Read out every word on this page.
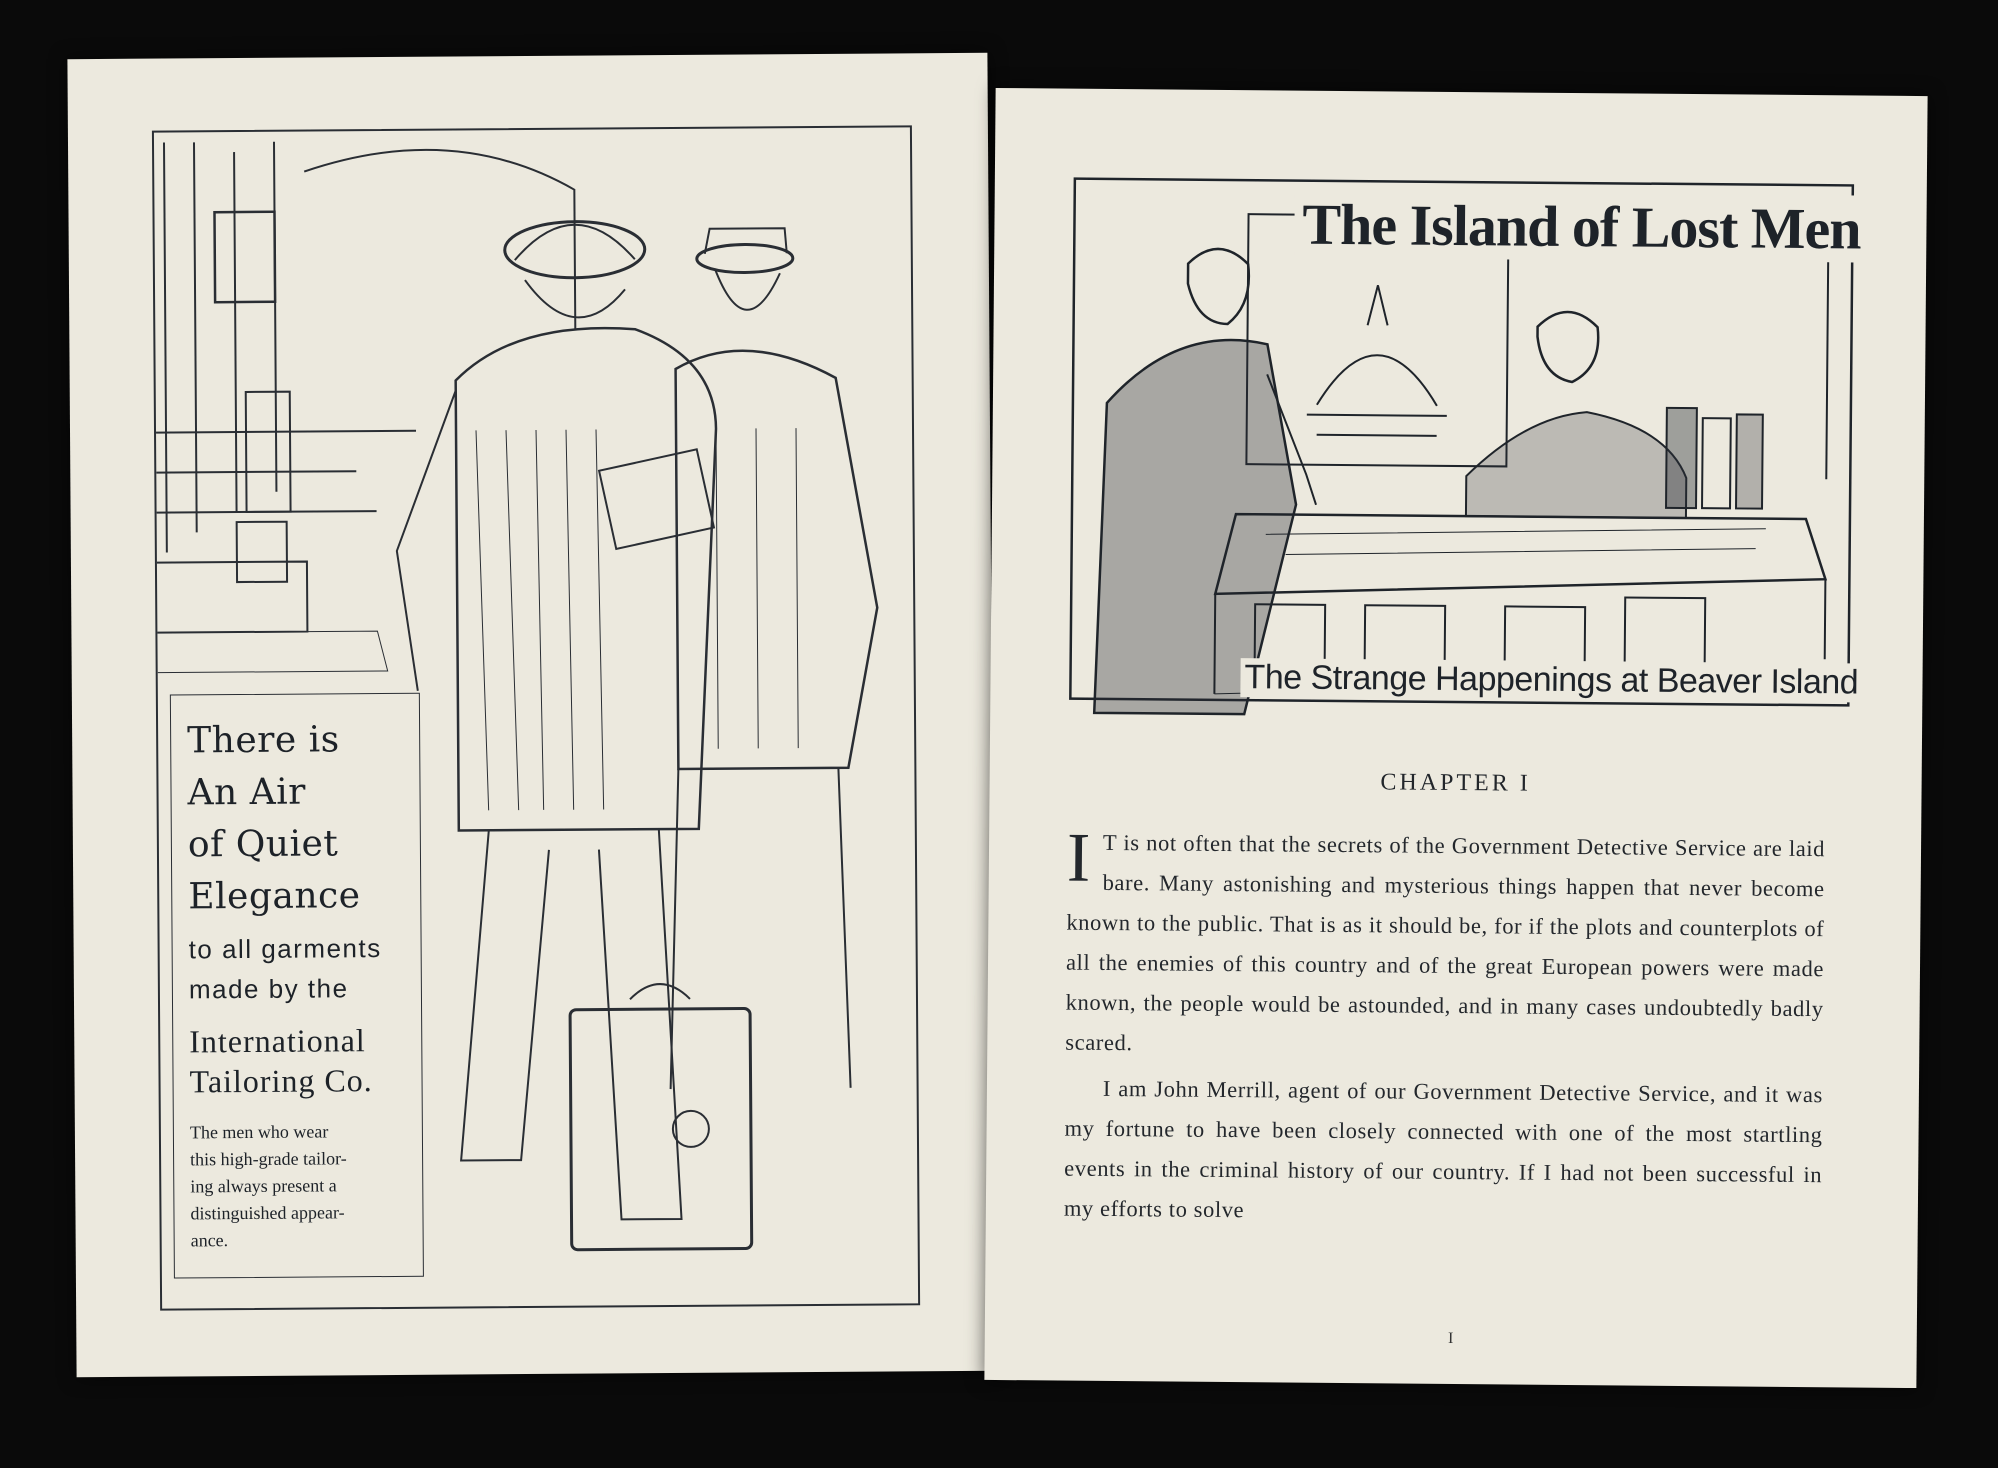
There is
An Air
of Quiet
Elegance

to all garments
made by the

International
Tailoring Co.

The men who wear
this high-grade tailor-
ing always present a
distinguished appear-
ance.

The Island of Lost Men
The Strange Happenings at Beaver Island
CHAPTER I

I T is not often that the secrets of the Government Detective Service are laid bare. Many astonishing and mysterious things happen that never become known to the public. That is as it should be, for if the plots and counterplots of all the enemies of this country and of the great European powers were made known, the people would be astounded, and in many cases undoubtedly badly scared.

I am John Merrill, agent of our Government Detective Service, and it was my fortune to have been closely connected with one of the most startling events in the criminal history of our country. If I had not been successful in my efforts to solve

I
